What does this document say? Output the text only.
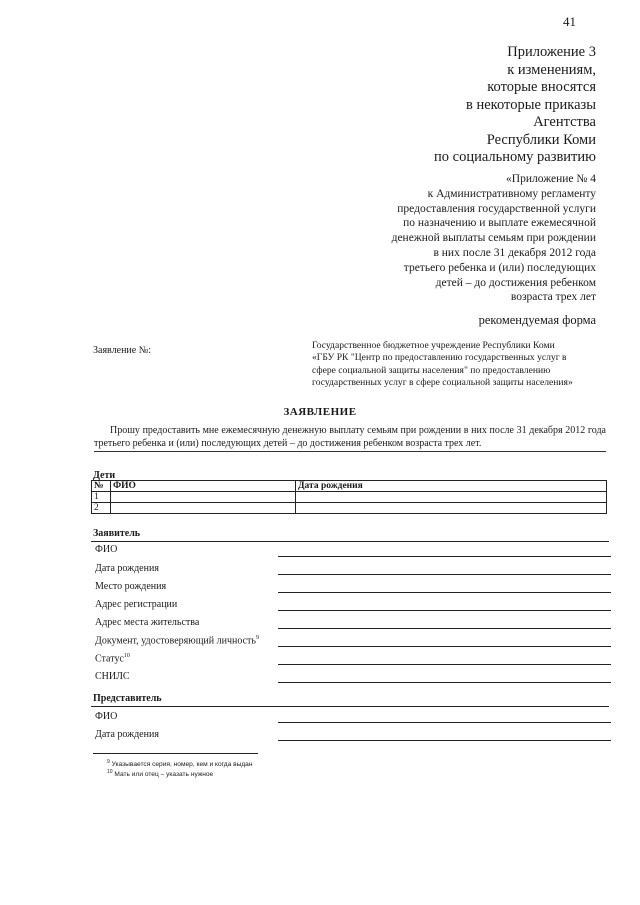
41
Приложение 3
к изменениям,
которые вносятся
в некоторые приказы
Агентства
Республики Коми
по социальному развитию
«Приложение № 4
к Административному регламенту
предоставления государственной услуги
по назначению и выплате ежемесячной
денежной выплаты семьям при рождении
в них после 31 декабря 2012 года
третьего ребенка и (или) последующих
детей – до достижения ребенком
возраста трех лет
рекомендуемая форма
Заявление №:	Государственное бюджетное учреждение Республики Коми
«ГБУ РК "Центр по предоставлению государственных услуг в
сфере социальной защиты населения" по предоставлению
государственных услуг в сфере социальной защиты населения»
ЗАЯВЛЕНИЕ
Прошу предоставить мне ежемесячную денежную выплату семьям при рождении в них после 31 декабря 2012 года третьего ребенка и (или) последующих детей – до достижения ребенком возраста трех лет.
Дети
№	ФИО	Дата рождения
1		
2		
Заявитель
ФИО
Дата рождения
Место рождения
Адрес регистрации
Адрес места жительства
Документ, удостоверяющий личность$^9$
Статус$^{10}$
СНИЛС
Представитель
ФИО
Дата рождения
$^9$ Указывается серия, номер, кем и когда выдан
$^{10}$ Мать или отец – указать нужное
